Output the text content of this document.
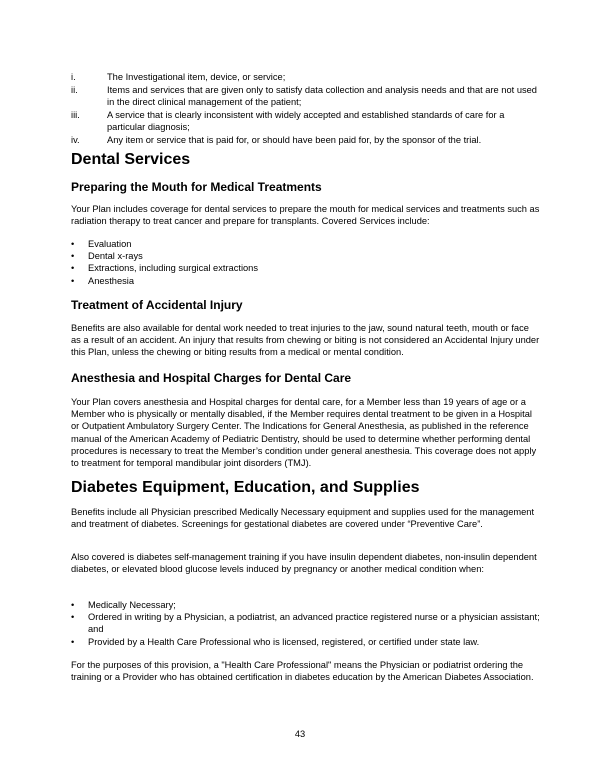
i.	The Investigational item, device, or service;
ii.	Items and services that are given only to satisfy data collection and analysis needs and that are not used in the direct clinical management of the patient;
iii.	A service that is clearly inconsistent with widely accepted and established standards of care for a particular diagnosis;
iv.	Any item or service that is paid for, or should have been paid for, by the sponsor of the trial.
Dental Services
Preparing the Mouth for Medical Treatments

Your Plan includes coverage for dental services to prepare the mouth for medical services and treatments such as radiation therapy to treat cancer and prepare for transplants. Covered Services include:

•	Evaluation
•	Dental x-rays
•	Extractions, including surgical extractions
•	Anesthesia
Treatment of Accidental Injury

Benefits are also available for dental work needed to treat injuries to the jaw, sound natural teeth, mouth or face as a result of an accident. An injury that results from chewing or biting is not considered an Accidental Injury under this Plan, unless the chewing or biting results from a medical or mental condition.

Anesthesia and Hospital Charges for Dental Care

Your Plan covers anesthesia and Hospital charges for dental care, for a Member less than 19 years of age or a Member who is physically or mentally disabled, if the Member requires dental treatment to be given in a Hospital or Outpatient Ambulatory Surgery Center. The Indications for General Anesthesia, as published in the reference manual of the American Academy of Pediatric Dentistry, should be used to determine whether performing dental procedures is necessary to treat the Member’s condition under general anesthesia. This coverage does not apply to treatment for temporal mandibular joint disorders (TMJ).

Diabetes Equipment, Education, and Supplies

Benefits include all Physician prescribed Medically Necessary equipment and supplies used for the management and treatment of diabetes. Screenings for gestational diabetes are covered under “Preventive Care”.

Also covered is diabetes self-management training if you have insulin dependent diabetes, non-insulin dependent diabetes, or elevated blood glucose levels induced by pregnancy or another medical condition when:

•	Medically Necessary;
•	Ordered in writing by a Physician, a podiatrist, an advanced practice registered nurse or a physician assistant; and
•	Provided by a Health Care Professional who is licensed, registered, or certified under state law.

For the purposes of this provision, a "Health Care Professional" means the Physician or podiatrist ordering the training or a Provider who has obtained certification in diabetes education by the American Diabetes Association.

43
